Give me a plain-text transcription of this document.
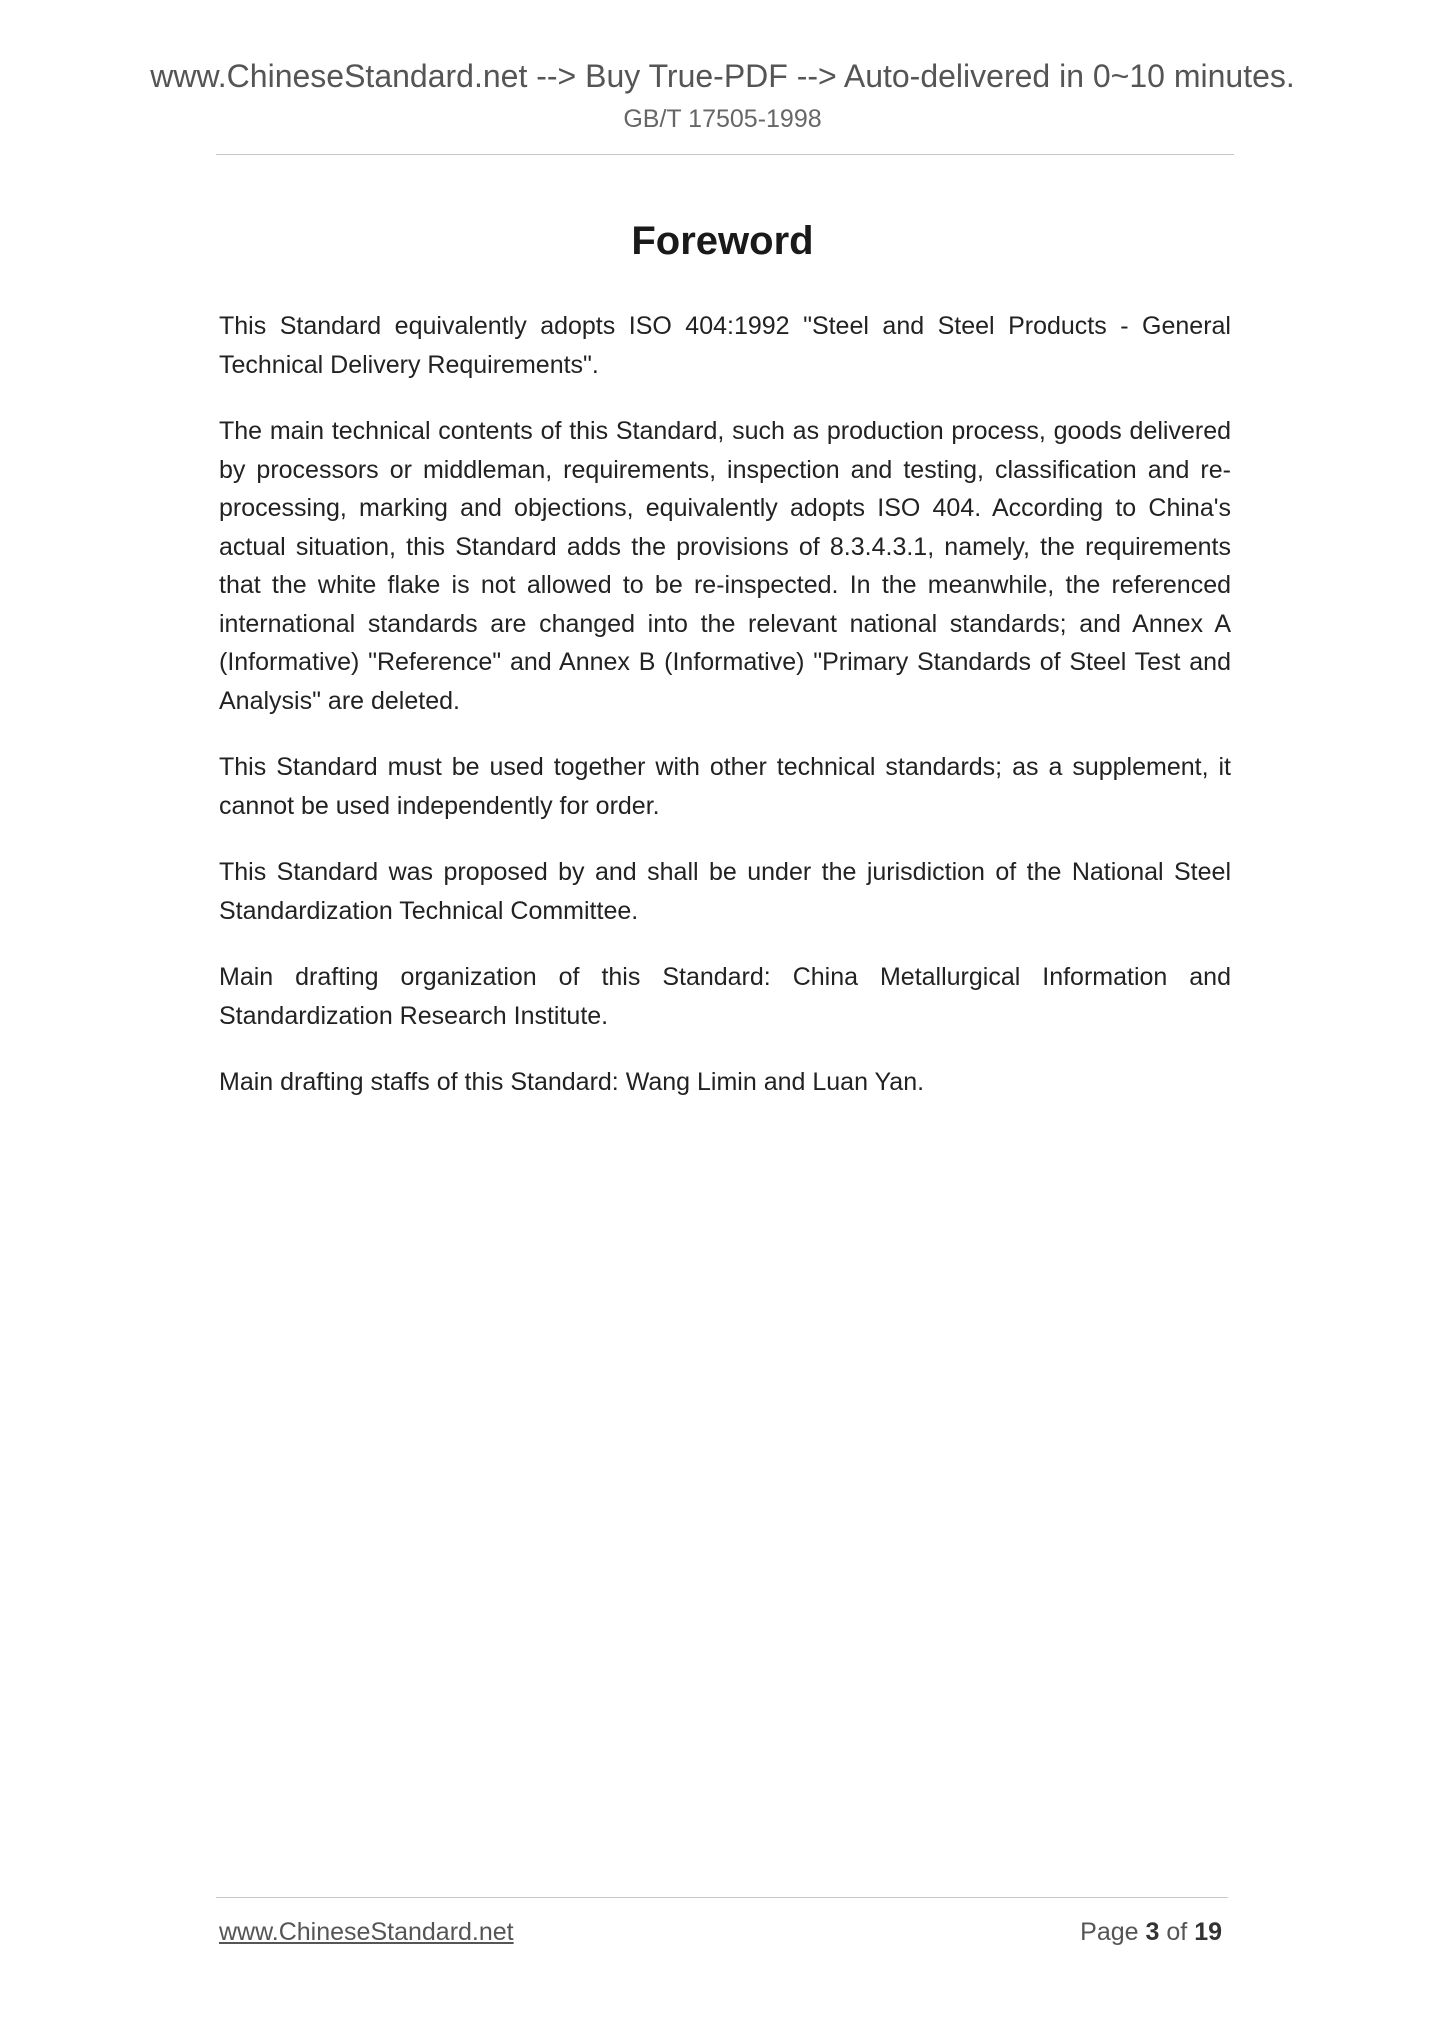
www.ChineseStandard.net --> Buy True-PDF --> Auto-delivered in 0~10 minutes.
GB/T 17505-1998
Foreword

This Standard equivalently adopts ISO 404:1992 "Steel and Steel Products - General Technical Delivery Requirements".

The main technical contents of this Standard, such as production process, goods delivered by processors or middleman, requirements, inspection and testing, classification and re-processing, marking and objections, equivalently adopts ISO 404. According to China's actual situation, this Standard adds the provisions of 8.3.4.3.1, namely, the requirements that the white flake is not allowed to be re-inspected. In the meanwhile, the referenced international standards are changed into the relevant national standards; and Annex A (Informative) "Reference" and Annex B (Informative) "Primary Standards of Steel Test and Analysis" are deleted.

This Standard must be used together with other technical standards; as a supplement, it cannot be used independently for order.

This Standard was proposed by and shall be under the jurisdiction of the National Steel Standardization Technical Committee.

Main drafting organization of this Standard: China Metallurgical Information and Standardization Research Institute.

Main drafting staffs of this Standard: Wang Limin and Luan Yan.

www.ChineseStandard.net	Page 3 of 19
